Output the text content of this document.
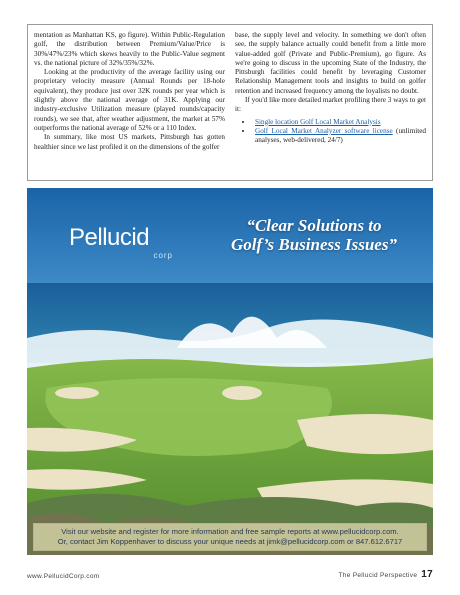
mentation as Manhattan KS, go figure). Within Public-Regulation golf, the distribution between Premium/Value/Price is 30%/47%/23% which skews heavily to the Public-Value segment vs. the national picture of 32%/35%/32%.

Looking at the productivity of the average facility using our proprietary velocity measure (Annual Rounds per 18-hole equivalent), they produce just over 32K rounds per year which is slightly above the national average of 31K. Applying our industry-exclusive Utilization measure (played rounds/capacity rounds), we see that, after weather adjustment, the market at 57% outperforms the national average of 52% or a 110 Index.

In summary, like most US markets, Pittsburgh has gotten healthier since we last profiled it on the dimensions of the golfer

base, the supply level and velocity. In something we don't often see, the supply balance actually could benefit from a little more value-added golf (Private and Public-Premium), go figure. As we're going to discuss in the upcoming State of the Industry, the Pittsburgh facilities could benefit by leveraging Customer Relationship Management tools and insights to build on golfer retention and increased frequency among the loyalists no doubt.

If you'd like more detailed market profiling there 3 ways to get it:

• Single location Golf Local Market Analysis
• Golf Local Market Analyzer software license (unlimited analyses, web-delivered, 24/7)
Pellucid
corp
“Clear Solutions to
Golf’s Business Issues”
Visit our website and register for more information and free sample reports at www.pellucidcorp.com.
Or, contact Jim Koppenhaver to discuss your unique needs at jimk@pellucidcorp.com or 847.612.6717
www.PellucidCorp.com	The Pellucid Perspective 17
